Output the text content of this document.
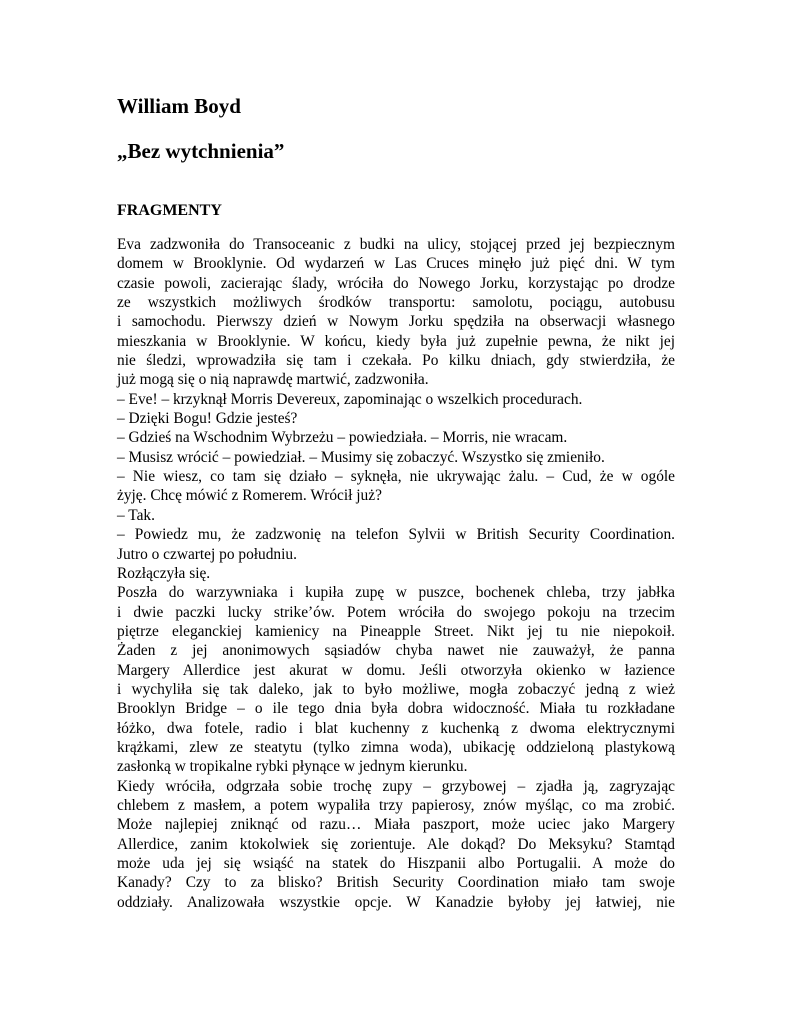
William Boyd
„Bez wytchnienia”
FRAGMENTY
Eva zadzwoniła do Transoceanic z budki na ulicy, stojącej przed jej bezpiecznym
domem w Brooklynie. Od wydarzeń w Las Cruces minęło już pięć dni. W tym
czasie powoli, zacierając ślady, wróciła do Nowego Jorku, korzystając po drodze
ze wszystkich możliwych środków transportu: samolotu, pociągu, autobusu
i samochodu. Pierwszy dzień w Nowym Jorku spędziła na obserwacji własnego
mieszkania w Brooklynie. W końcu, kiedy była już zupełnie pewna, że nikt jej
nie śledzi, wprowadziła się tam i czekała. Po kilku dniach, gdy stwierdziła, że
już mogą się o nią naprawdę martwić, zadzwoniła.
– Eve! – krzyknął Morris Devereux, zapominając o wszelkich procedurach.
– Dzięki Bogu! Gdzie jesteś?
– Gdzieś na Wschodnim Wybrzeżu – powiedziała. – Morris, nie wracam.
– Musisz wrócić – powiedział. – Musimy się zobaczyć. Wszystko się zmieniło.
– Nie wiesz, co tam się działo – syknęła, nie ukrywając żalu. – Cud, że w ogóle
żyję. Chcę mówić z Romerem. Wrócił już?
– Tak.
– Powiedz mu, że zadzwonię na telefon Sylvii w British Security Coordination.
Jutro o czwartej po południu.
Rozłączyła się.
Poszła do warzywniaka i kupiła zupę w puszce, bochenek chleba, trzy jabłka
i dwie paczki lucky strike’ów. Potem wróciła do swojego pokoju na trzecim
piętrze eleganckiej kamienicy na Pineapple Street. Nikt jej tu nie niepokoił.
Żaden z jej anonimowych sąsiadów chyba nawet nie zauważył, że panna
Margery Allerdice jest akurat w domu. Jeśli otworzyła okienko w łazience
i wychyliła się tak daleko, jak to było możliwe, mogła zobaczyć jedną z wież
Brooklyn Bridge – o ile tego dnia była dobra widoczność. Miała tu rozkładane
łóżko, dwa fotele, radio i blat kuchenny z kuchenką z dwoma elektrycznymi
krążkami, zlew ze steatytu (tylko zimna woda), ubikację oddzieloną plastykową
zasłonką w tropikalne rybki płynące w jednym kierunku.
Kiedy wróciła, odgrzała sobie trochę zupy – grzybowej – zjadła ją, zagryzając
chlebem z masłem, a potem wypaliła trzy papierosy, znów myśląc, co ma zrobić.
Może najlepiej zniknąć od razu… Miała paszport, może uciec jako Margery
Allerdice, zanim ktokolwiek się zorientuje. Ale dokąd? Do Meksyku? Stamtąd
może uda jej się wsiąść na statek do Hiszpanii albo Portugalii. A może do
Kanady? Czy to za blisko? British Security Coordination miało tam swoje
oddziały. Analizowała wszystkie opcje. W Kanadzie byłoby jej łatwiej, nie
